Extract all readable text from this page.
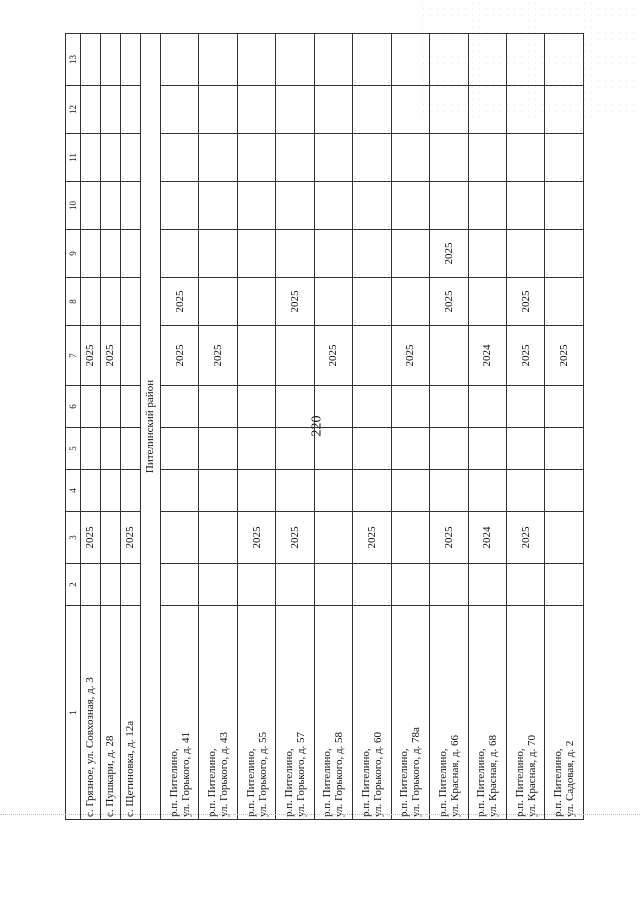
220
1	2	3	4	5	6	7	8	9	10	11	12	13
с. Грязное, ул. Совхозная, д. 3		2025				2025						
с. Пушкари, д. 28						2025						
с. Щетиновка, д. 12а		2025										
Пителинский район												
р.п. Пителино,
ул. Горького, д. 41						2025	2025					
р.п. Пителино,
ул. Горького, д. 43						2025						
р.п. Пителино,
ул. Горького, д. 55		2025										
р.п. Пителино,
ул. Горького, д. 57		2025					2025					
р.п. Пителино,
ул. Горького, д. 58						2025						
р.п. Пителино,
ул. Горького, д. 60		2025										
р.п. Пителино,
ул. Горького, д. 78а						2025						
р.п. Пителино,
ул. Красная, д. 66		2025					2025	2025				
р.п. Пителино,
ул. Красная, д. 68		2024				2024						
р.п. Пителино,
ул. Красная, д. 70		2025				2025	2025					
р.п. Пителино,
ул. Садовая, д. 2						2025						
